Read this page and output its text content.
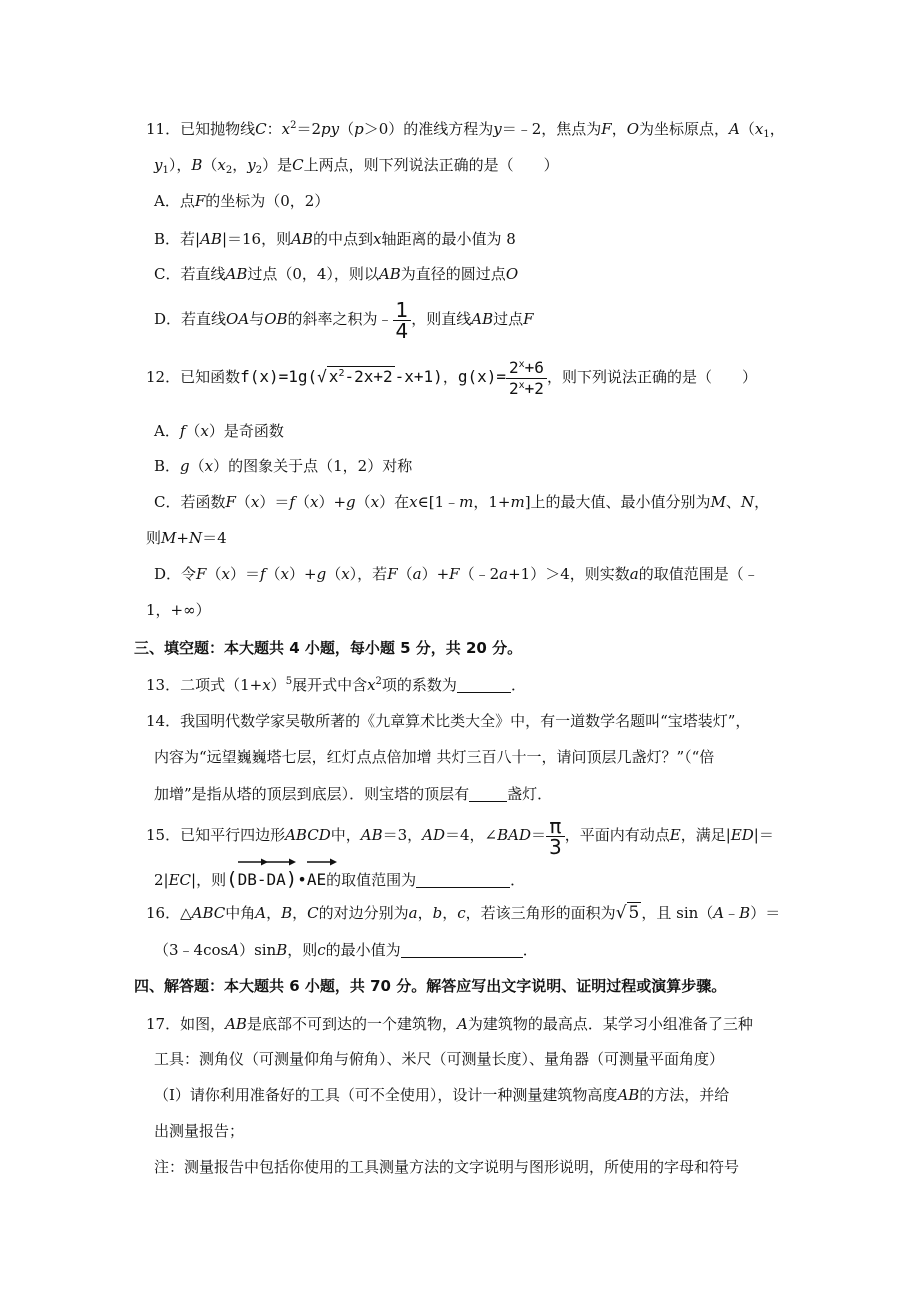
11．已知抛物线C：$x^2=2py(p>0)$的准线方程为y＝﹣2，焦点为F，O为坐标原点，$A(x_1$，
$y_1$），$B(x_2$，$y_2$）是C上两点，则下列说法正确的是（　　）
A．点F的坐标为（0，2）
B．若|AB|＝16，则AB的中点到x轴距离的最小值为 8
C．若直线AB过点（0，4），则以AB为直径的圆过点O
D．若直线OA与OB的斜率之积为﹣ $\frac{1}{4}$ ，则直线AB过点F
12．已知函数f(x)=1g(√ $x^2-2x+2$ -x+1)，$g(x)= \frac{2^x+6}{2^x+2}$ ，则下列说法正确的是（　　）
A．f（x）是奇函数
B．g（x）的图象关于点（1，2）对称
C．若函数F（x）＝f（x）+g（x）在x∈[1﹣m，1+m]上的最大值、最小值分别为M、N，
则M+N＝4
D．令F（x）＝f（x）+g（x），若F（a）+F（﹣2a+1）＞4，则实数a的取值范围是（﹣
1，+∞）
三、填空题：本大题共 4 小题，每小题 5 分，共 20 分。
13．二项式$(1+x)^5$展开式中含$x^2$项的系数为	．
14．我国明代数学家吴敬所著的《九章算术比类大全》中，有一道数学名题叫“宝塔装灯”，
内容为“远望巍巍塔七层，红灯点点倍加增 共灯三百八十一，请问顶层几盏灯？”（“倍
加增”是指从塔的顶层到底层）．则宝塔的顶层有	盏灯．
15．已知平行四边形ABCD中，AB＝3，AD＝4，∠BAD＝ $\frac{\pi}{3}$ ，平面内有动点E，满足|ED|＝
2|EC|，则(
DB-
DA)•
AE的取值范围为	．
16．△ABC中角A，B，C的对边分别为a，b，c，若该三角形的面积为√ 5 ，且 sin（A﹣B）＝
（3﹣4cosA）sinB，则c的最小值为	．
四、解答题：本大题共 6 小题，共 70 分。解答应写出文字说明、证明过程或演算步骤。
17．如图，AB是底部不可到达的一个建筑物，A为建筑物的最高点．某学习小组准备了三种
工具：测角仪（可测量仰角与俯角）、米尺（可测量长度）、量角器（可测量平面角度）
（Ⅰ）请你利用准备好的工具（可不全使用），设计一种测量建筑物高度AB的方法，并给
出测量报告；
注：测量报告中包括你使用的工具测量方法的文字说明与图形说明，所使用的字母和符号
